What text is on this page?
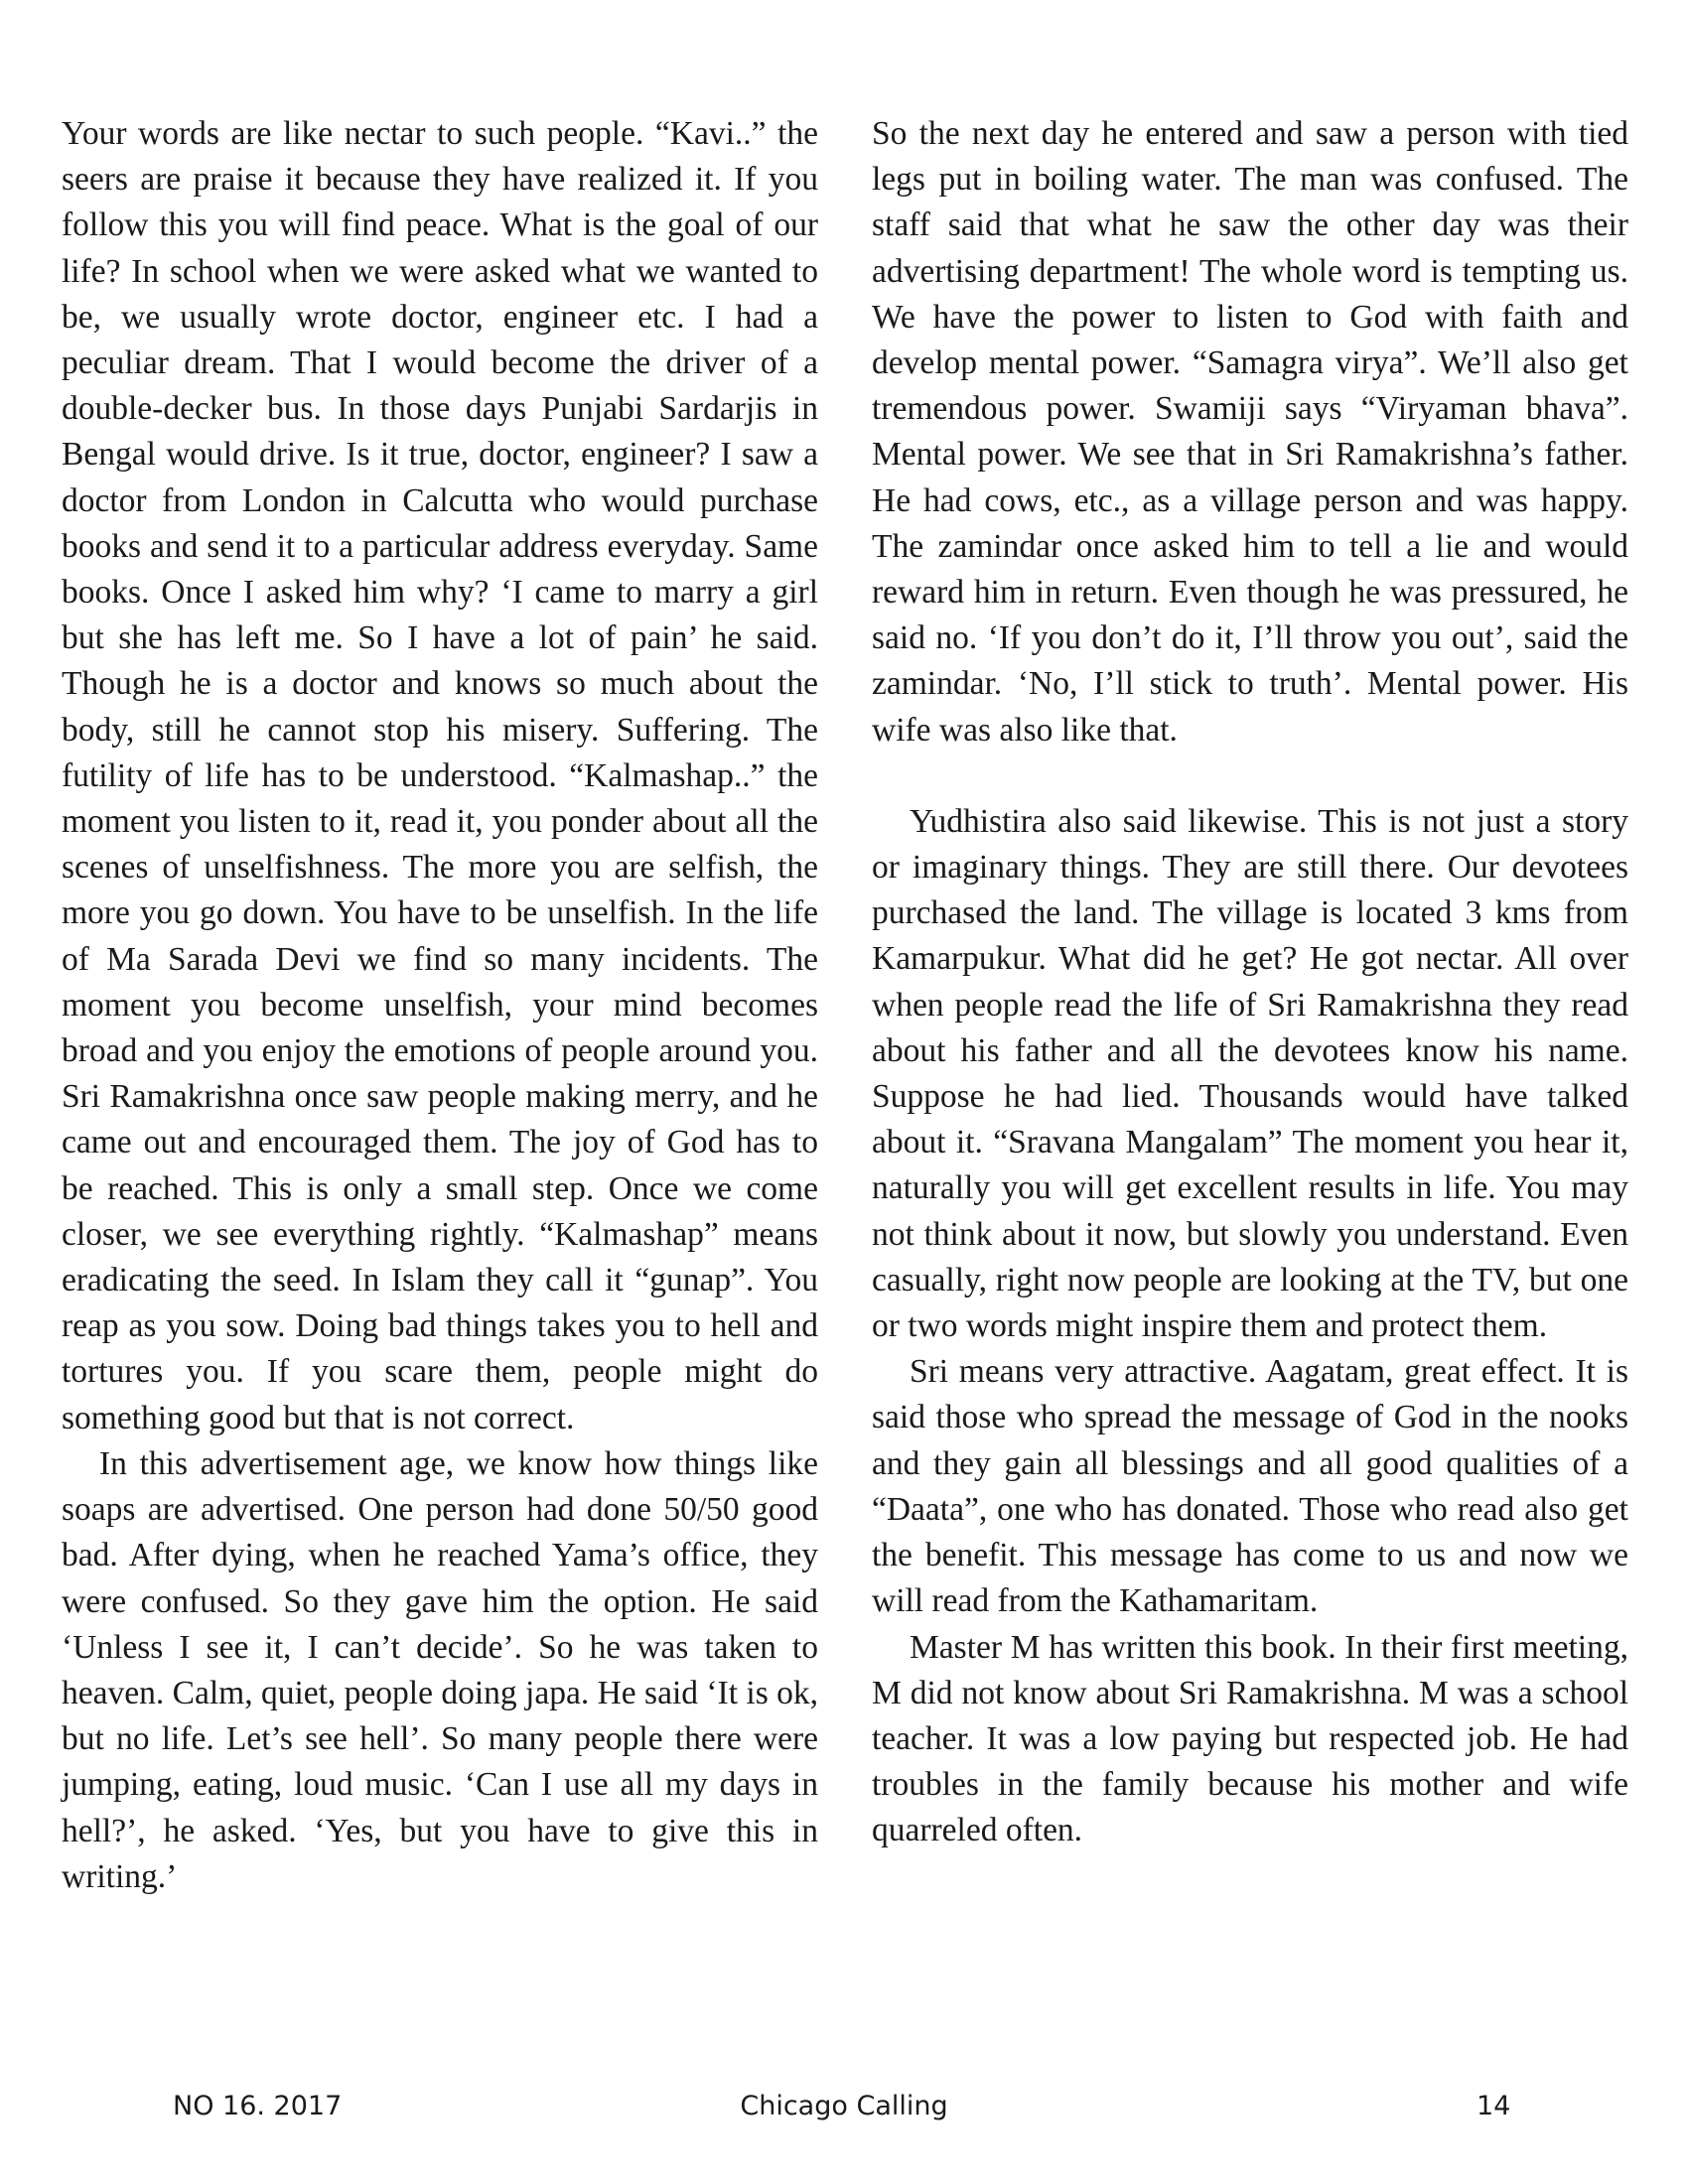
Your words are like nectar to such people. “Kavi..” the seers are praise it because they have realized it. If you follow this you will find peace. What is the goal of our life? In school when we were asked what we wanted to be, we usually wrote doctor, engineer etc. I had a peculiar dream. That I would become the driver of a double-decker bus. In those days Punjabi Sardarjis in Bengal would drive. Is it true, doctor, engineer? I saw a doctor from London in Calcutta who would purchase books and send it to a particular address everyday. Same books. Once I asked him why? ‘I came to marry a girl but she has left me. So I have a lot of pain’ he said. Though he is a doctor and knows so much about the body, still he cannot stop his misery. Suffering. The futility of life has to be understood. “Kalmashap..” the moment you listen to it, read it, you ponder about all the scenes of unselfishness. The more you are selfish, the more you go down. You have to be unselfish. In the life of Ma Sarada Devi we find so many incidents. The moment you become unselfish, your mind becomes broad and you enjoy the emotions of people around you. Sri Ramakrishna once saw people making merry, and he came out and encouraged them. The joy of God has to be reached. This is only a small step. Once we come closer, we see everything rightly. “Kalmashap” means eradicating the seed. In Islam they call it “gunap”. You reap as you sow. Doing bad things takes you to hell and tortures you. If you scare them, people might do something good but that is not correct.

In this advertisement age, we know how things like soaps are advertised. One person had done 50/50 good bad. After dying, when he reached Yama’s office, they were confused. So they gave him the option. He said ‘Unless I see it, I can’t decide’. So he was taken to heaven. Calm, quiet, people doing japa. He said ‘It is ok, but no life. Let’s see hell’. So many people there were jumping, eating, loud music. ‘Can I use all my days in hell?’, he asked. ‘Yes, but you have to give this in writing.’

So the next day he entered and saw a person with tied legs put in boiling water. The man was confused. The staff said that what he saw the other day was their advertising department! The whole word is tempting us. We have the power to listen to God with faith and develop mental power. “Samagra virya”. We’ll also get tremendous power. Swamiji says “Viryaman bhava”. Mental power. We see that in Sri Ramakrishna’s father. He had cows, etc., as a village person and was happy. The zamindar once asked him to tell a lie and would reward him in return. Even though he was pressured, he said no. ‘If you don’t do it, I’ll throw you out’, said the zamindar. ‘No, I’ll stick to truth’. Mental power. His wife was also like that.

Yudhistira also said likewise. This is not just a story or imaginary things. They are still there. Our devotees purchased the land. The village is located 3 kms from Kamarpukur. What did he get? He got nectar. All over when people read the life of Sri Ramakrishna they read about his father and all the devotees know his name. Suppose he had lied. Thousands would have talked about it. “Sravana Mangalam” The moment you hear it, naturally you will get excellent results in life. You may not think about it now, but slowly you understand. Even casually, right now people are looking at the TV, but one or two words might inspire them and protect them.

Sri means very attractive. Aagatam, great effect. It is said those who spread the message of God in the nooks and they gain all blessings and all good qualities of a “Daata”, one who has donated. Those who read also get the benefit. This message has come to us and now we will read from the Kathamaritam.

Master M has written this book. In their first meeting, M did not know about Sri Ramakrishna. M was a school teacher. It was a low paying but respected job. He had troubles in the family because his mother and wife quarreled often.

NO 16. 2017	Chicago Calling	14
